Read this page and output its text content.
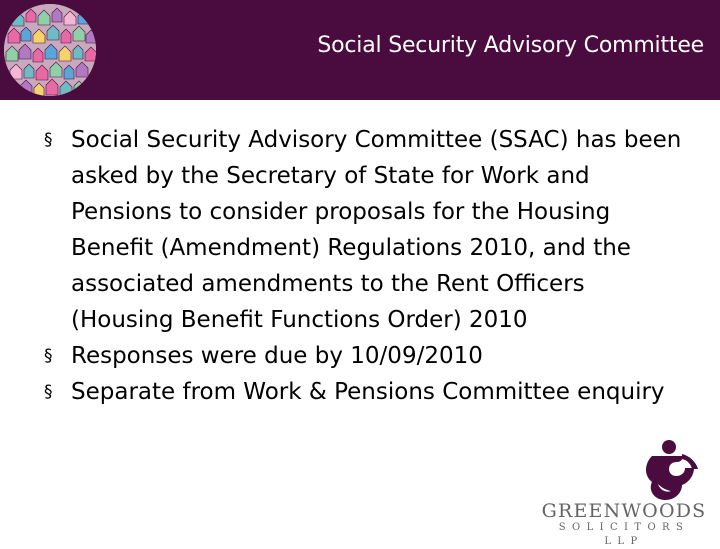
Social Security Advisory Committee
§ Social Security Advisory Committee (SSAC) has been asked by the Secretary of State for Work and Pensions to consider proposals for the Housing Benefit (Amendment) Regulations 2010, and the associated amendments to the Rent Officers (Housing Benefit Functions Order) 2010
§ Responses were due by 10/09/2010
§ Separate from Work & Pensions Committee enquiry
GREENWOODS
SOLICITORS LLP
